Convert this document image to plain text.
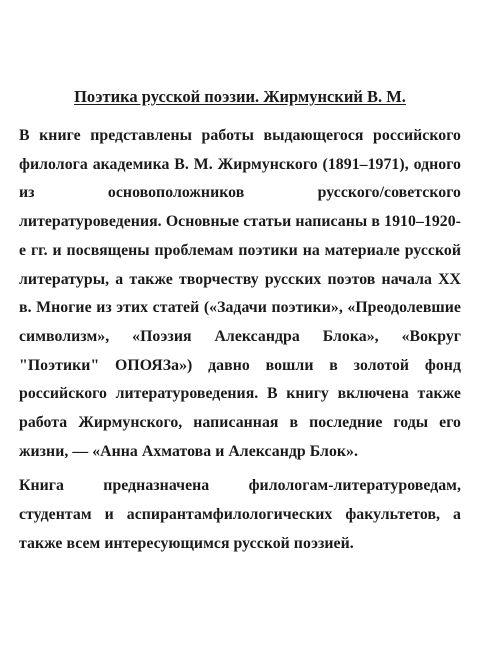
Поэтика русской поэзии. Жирмунский В. М.

В книге представлены работы выдающегося российского филолога академика В. М. Жирмунского (1891–1971), одного из основоположников русского/советского литературоведения. Основные статьи написаны в 1910–1920-е гг. и посвящены проблемам поэтики на материале русской литературы, а также творчеству русских поэтов начала XX в. Многие из этих статей («Задачи поэтики», «Преодолевшие символизм», «Поэзия Александра Блока», «Вокруг "Поэтики" ОПОЯЗа») давно вошли в золотой фонд российского литературоведения. В книгу включена также работа Жирмунского, написанная в последние годы его жизни, — «Анна Ахматова и Александр Блок».

Книга предназначена филологам-литературоведам, студентам и аспирантамфилологических факультетов, а также всем интересующимся русской поэзией.
